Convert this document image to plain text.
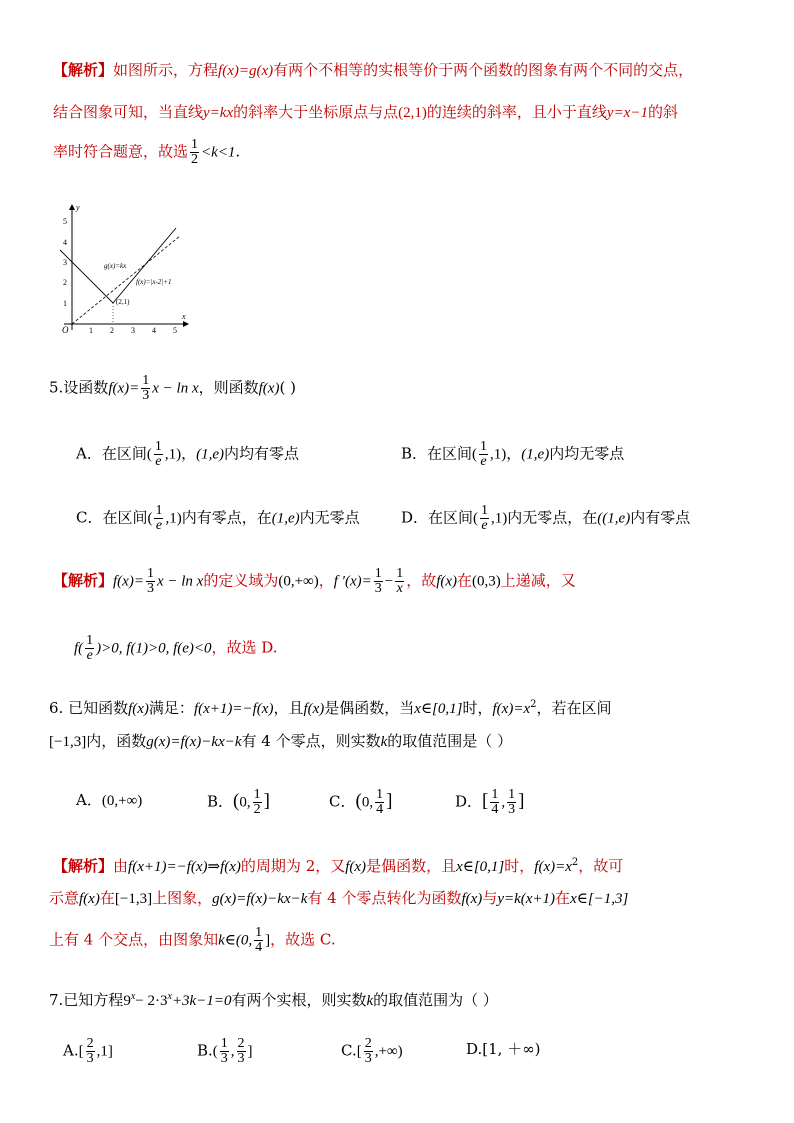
【解析】如图所示，方程f(x)=g(x)有两个不相等的实根等价于两个函数的图象有两个不同的交点，
结合图象可知，当直线y=kx的斜率大于坐标原点与点(2,1)的连续的斜率，且小于直线y=x−1的斜
率时符合题意，故选 $\frac{1}{2} <k<1$.
y
x
O	1 2 3 4 5
1
2
3
4
5
g(x)=kx
f(x)=|x-2|+1
(2,1)
5.设函数$f(x)= \frac{1}{3}$ x − ln x，则函数f(x)( )
A．在区间( $\frac{1}{e} ,1$)，(1,e)内均有零点	B．在区间( $\frac{1}{e} ,1$)，(1,e)内均无零点
C．在区间( $\frac{1}{e} ,1$)内有零点，在(1,e)内无零点	D．在区间( $\frac{1}{e} ,1$)内无零点，在((1,e)内有零点
【解析】$f(x)= \frac{1}{3}$ x − ln x的定义域为(0,+∞)，f $'(x)= \frac{1}{3} - \frac{1}{x}$ ，故f(x)在(0,3)上递减，又
$f( \frac{1}{e} )>0$, f(1)>0, f(e)<0，故选 D.
6. 已知函数f(x)满足：f(x+1)=−f(x)，且f(x)是偶函数，当x∈[0,1]时，$f(x)=x^2$，若在区间
[−1,3]内，函数g(x)=f(x)−kx−k有 4 个零点，则实数k的取值范围是（ ）
A．(0,+∞)	B．(0, $\frac{1}{2}$ ]	C．(0, $\frac{1}{4}$ ]	D．[ $\frac{1}{4}$ , $\frac{1}{3}$ ]
【解析】由f(x+1)=−f(x)⇒f(x)的周期为 2，又f(x)是偶函数，且x∈[0,1]时，$f(x)=x^2$，故可
示意f(x)在[−1,3]上图象，g(x)=f(x)−kx−k有 4 个零点转化为函数f(x)与y=k(x+1)在x∈[−1,3]
上有 4 个交点，由图象知k∈(0, $\frac{1}{4}$ ]，故选 C.
7.已知方程$9^x- 2\cdot 3^x+3k-1=0$有两个实根，则实数k的取值范围为（ ）
$A.[ \frac{2}{3} ,1]$	$B.( \frac{1}{3}$ , $\frac{2}{3}$ ]	$C.[ \frac{2}{3}$ ,+∞)	D.[1, ＋∞)
